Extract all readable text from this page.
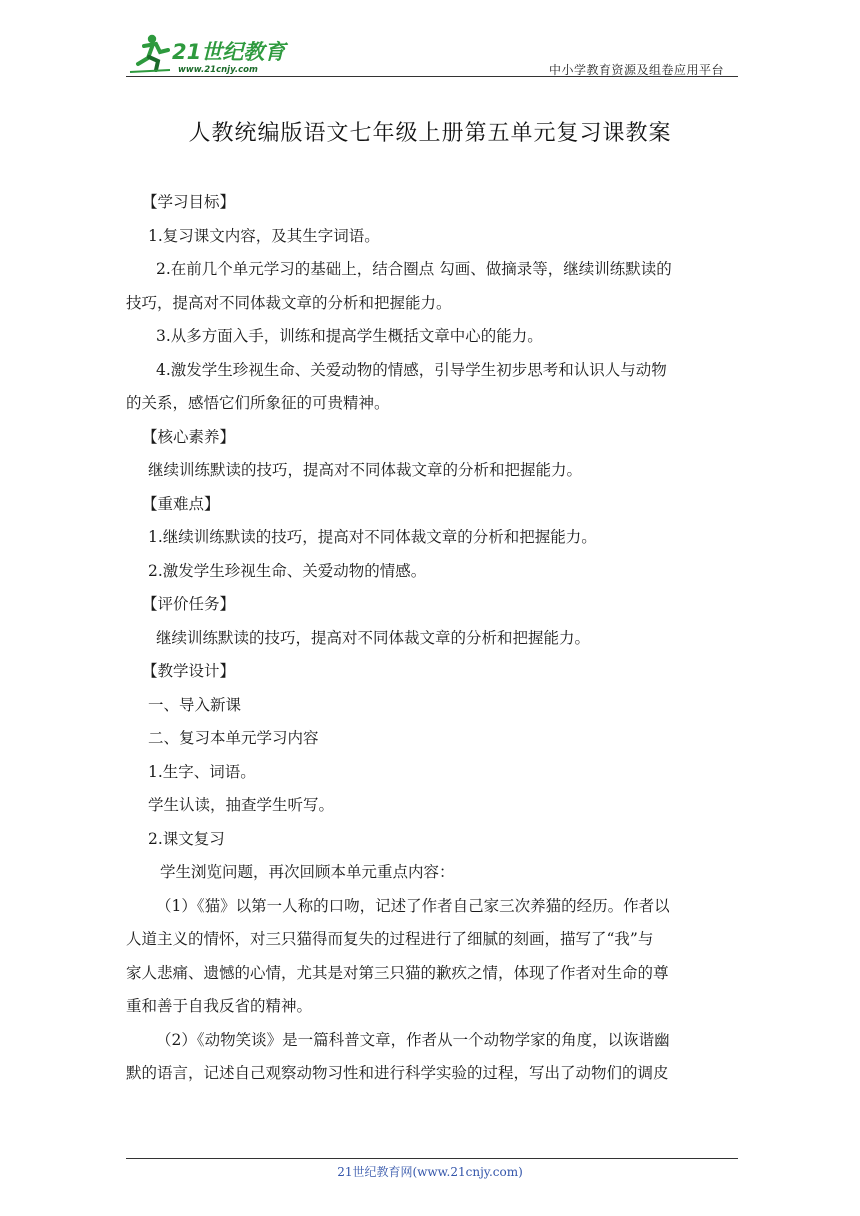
21世纪教育
www.21cnjy.com	中小学教育资源及组卷应用平台
人教统编版语文七年级上册第五单元复习课教案
【学习目标】
1.复习课文内容，及其生字词语。
2.在前几个单元学习的基础上，结合圈点 勾画、做摘录等，继续训练默读的
技巧，提高对不同体裁文章的分析和把握能力。
3.从多方面入手，训练和提高学生概括文章中心的能力。
4.激发学生珍视生命、关爱动物的情感，引导学生初步思考和认识人与动物
的关系，感悟它们所象征的可贵精神。
【核心素养】
继续训练默读的技巧，提高对不同体裁文章的分析和把握能力。
【重难点】
1.继续训练默读的技巧，提高对不同体裁文章的分析和把握能力。
2.激发学生珍视生命、关爱动物的情感。
【评价任务】
继续训练默读的技巧，提高对不同体裁文章的分析和把握能力。
【教学设计】
一、导入新课
二、复习本单元学习内容
1.生字、词语。
学生认读，抽查学生听写。
2.课文复习
学生浏览问题，再次回顾本单元重点内容：
（1）《猫》以第一人称的口吻，记述了作者自己家三次养猫的经历。作者以
人道主义的情怀，对三只猫得而复失的过程进行了细腻的刻画，描写了“我”与
家人悲痛、遗憾的心情，尤其是对第三只猫的歉疚之情，体现了作者对生命的尊
重和善于自我反省的精神。
（2）《动物笑谈》是一篇科普文章，作者从一个动物学家的角度，以诙谐幽
默的语言，记述自己观察动物习性和进行科学实验的过程，写出了动物们的调皮
21世纪教育网(www.21cnjy.com)
